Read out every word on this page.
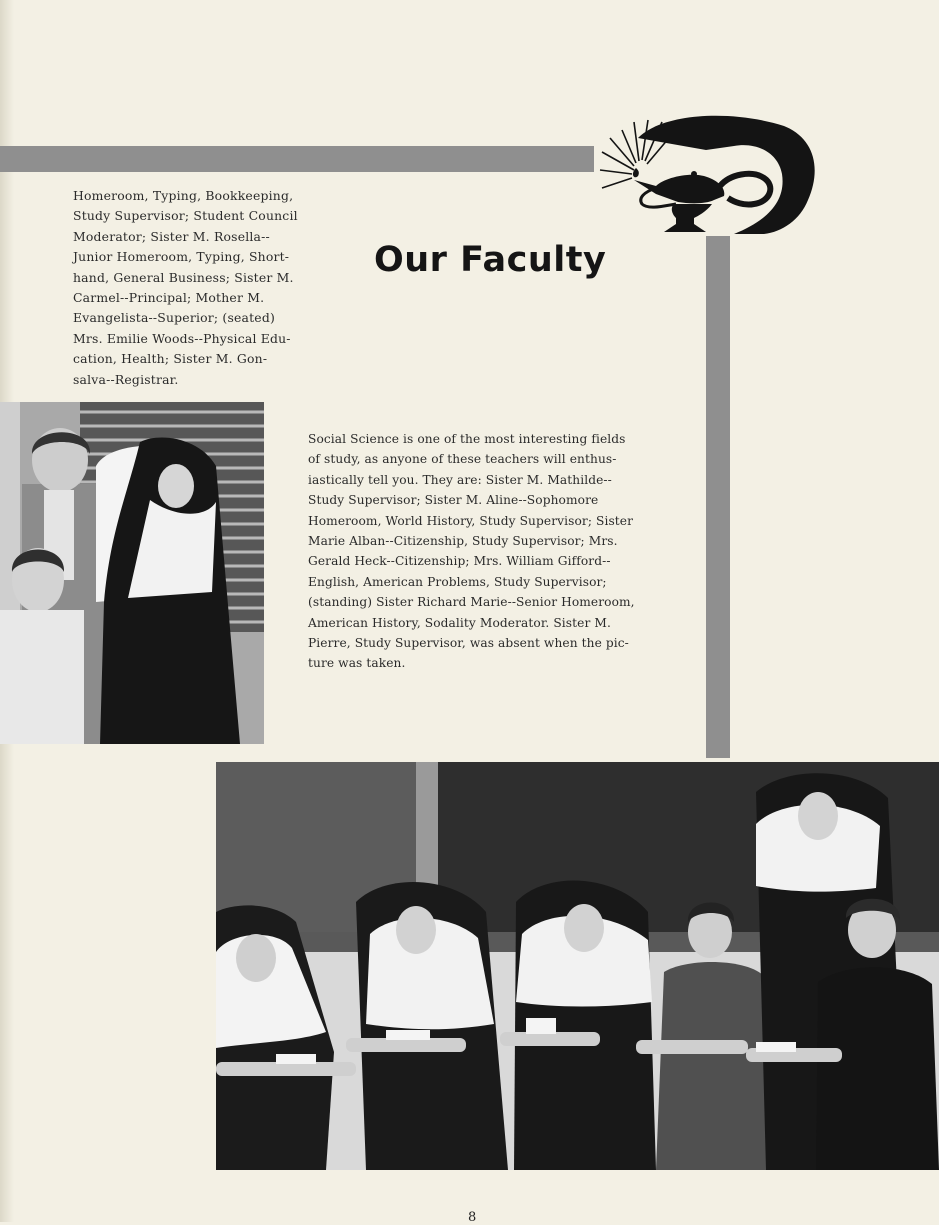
Our Faculty
Homeroom, Typing, Bookkeeping,
Study Supervisor; Student Council
Moderator; Sister M. Rosella--
Junior Homeroom, Typing, Short-
hand, General Business; Sister M.
Carmel--Principal; Mother M.
Evangelista--Superior; (seated)
Mrs. Emilie Woods--Physical Edu-
cation, Health; Sister M. Gon-
salva--Registrar.
Social Science is one of the most interesting fields
of study, as anyone of these teachers will enthus-
iastically tell you. They are: Sister M. Mathilde--
Study Supervisor; Sister M. Aline--Sophomore
Homeroom, World History, Study Supervisor; Sister
Marie Alban--Citizenship, Study Supervisor; Mrs.
Gerald Heck--Citizenship; Mrs. William Gifford--
English, American Problems, Study Supervisor;
(standing) Sister Richard Marie--Senior Homeroom,
American History, Sodality Moderator. Sister M.
Pierre, Study Supervisor, was absent when the pic-
ture was taken.
8
